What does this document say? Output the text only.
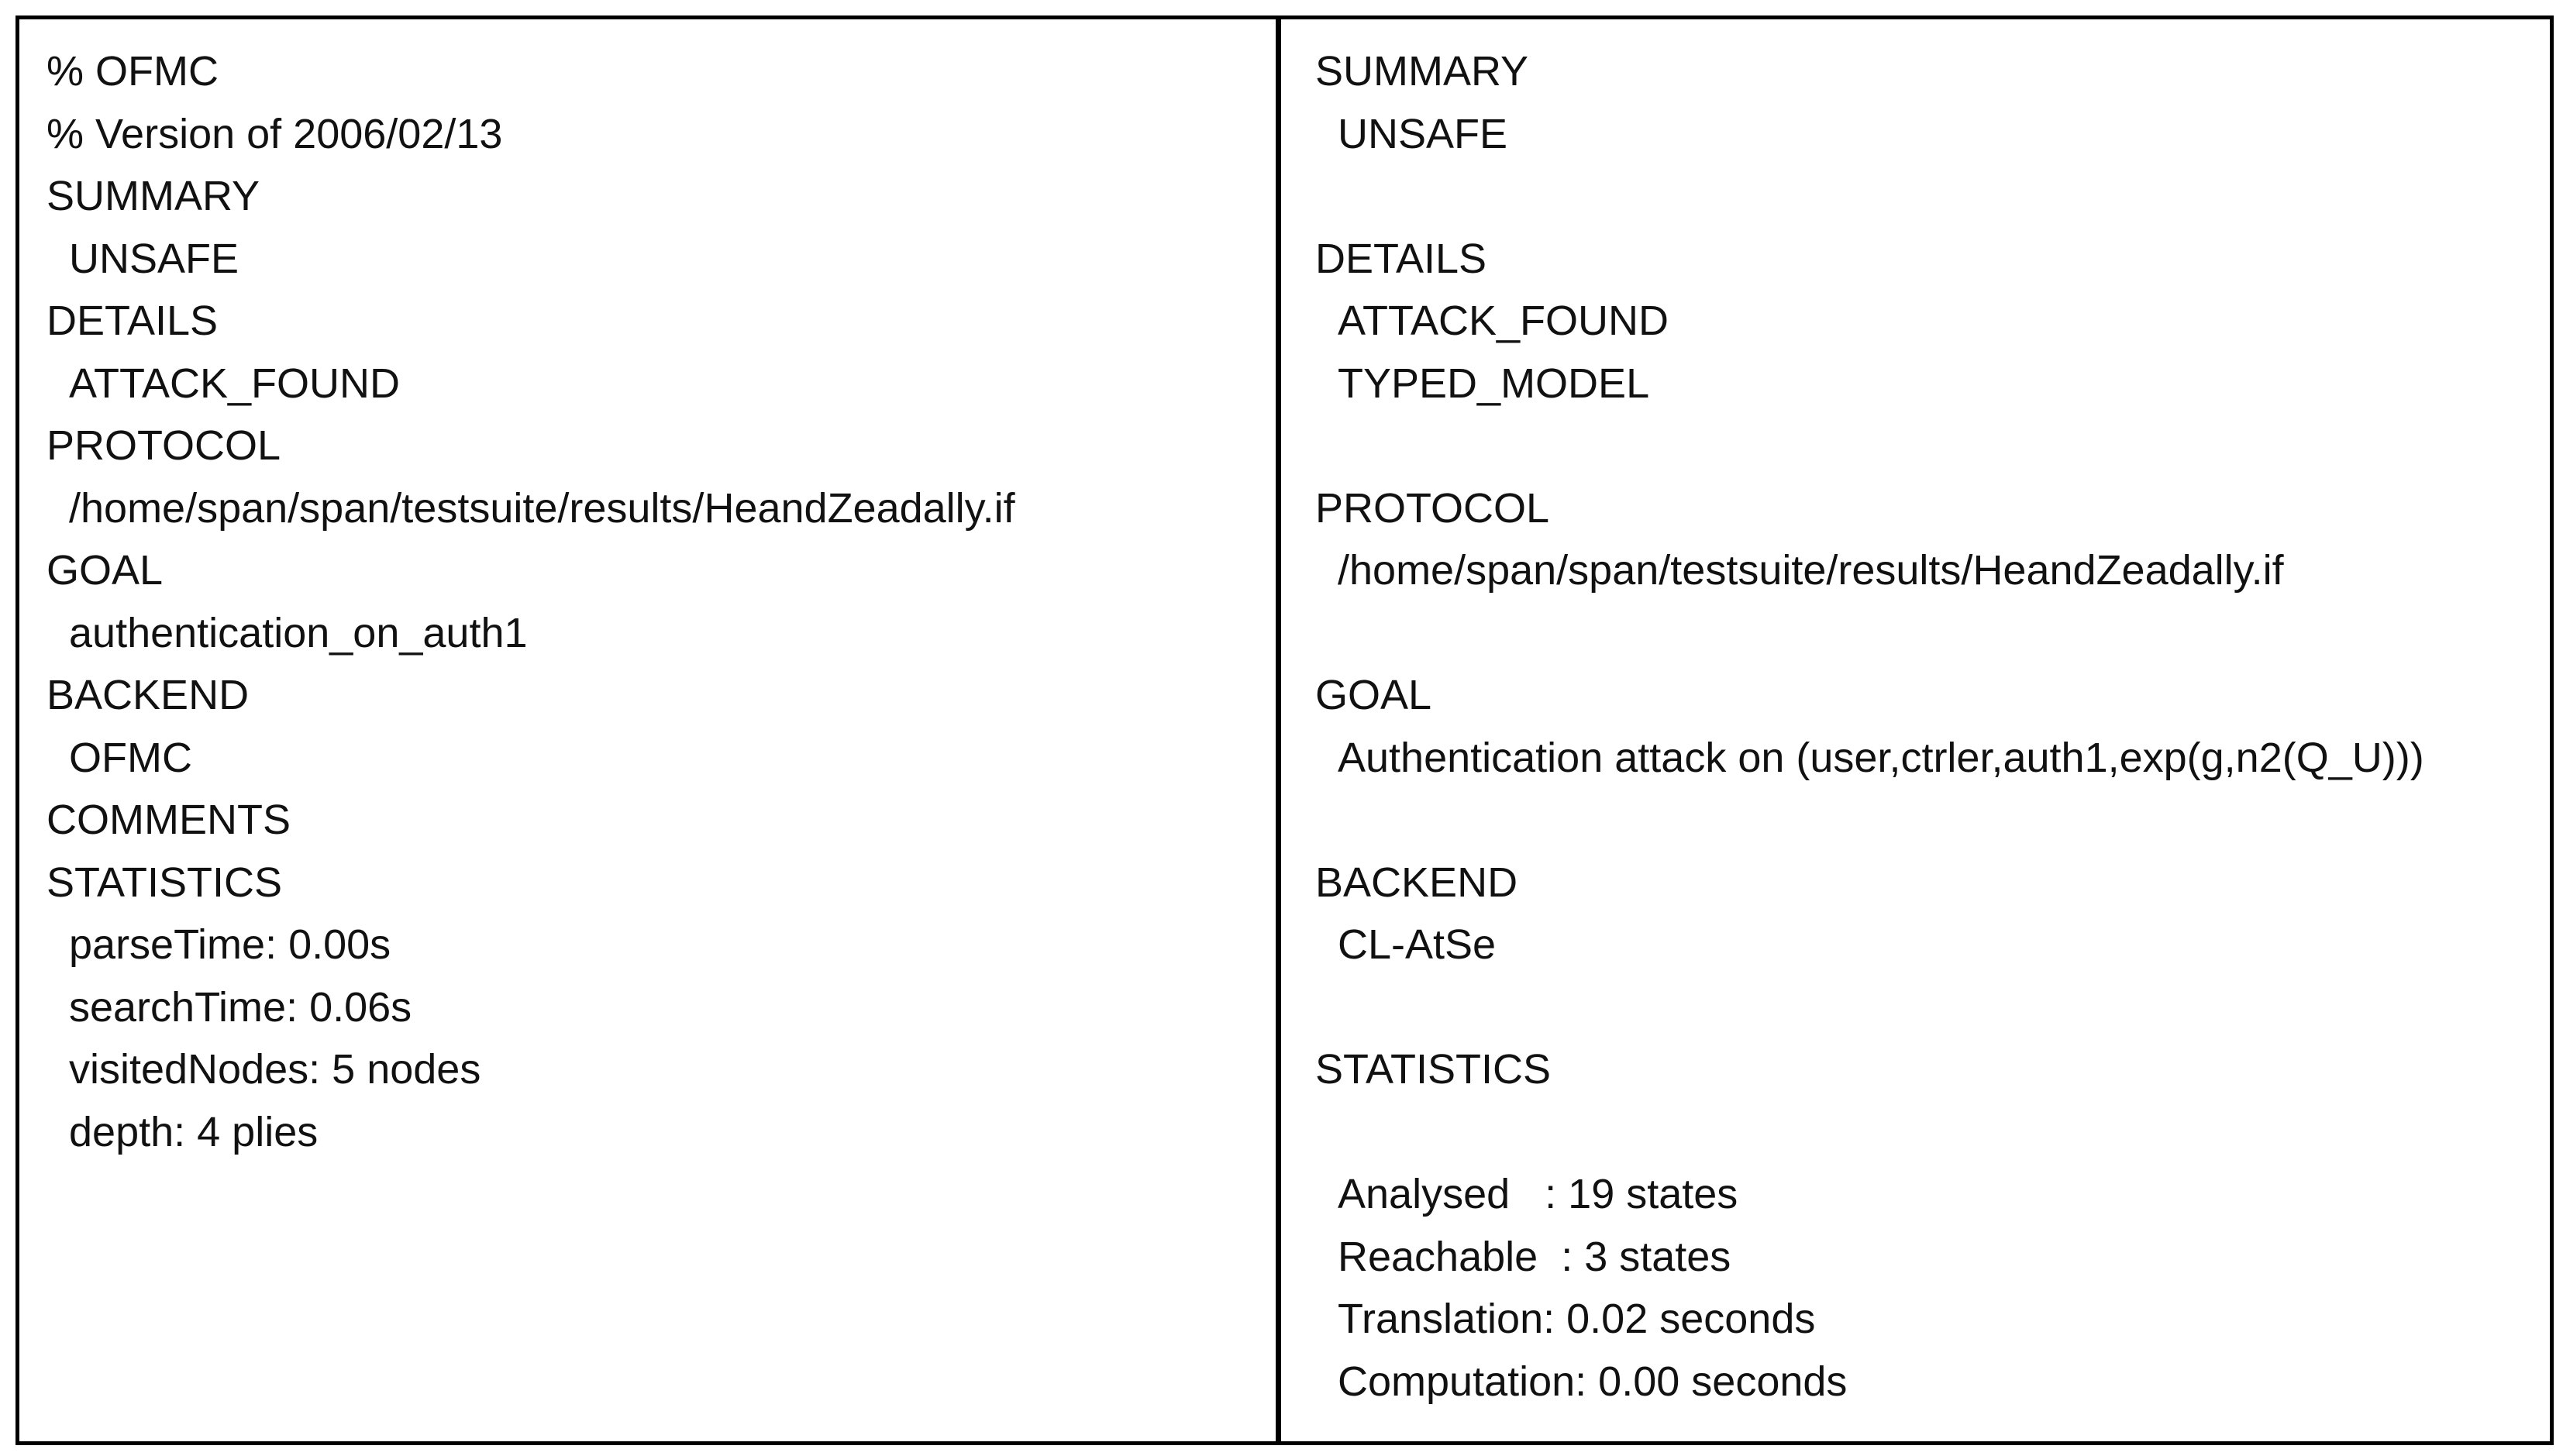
% OFMC
% Version of 2006/02/13
SUMMARY
UNSAFE
DETAILS
ATTACK_FOUND
PROTOCOL
/home/span/span/testsuite/results/HeandZeadally.if
GOAL
authentication_on_auth1
BACKEND
OFMC
COMMENTS
STATISTICS
parseTime: 0.00s
searchTime: 0.06s
visitedNodes: 5 nodes
depth: 4 plies
SUMMARY
UNSAFE
DETAILS
ATTACK_FOUND
TYPED_MODEL
PROTOCOL
/home/span/span/testsuite/results/HeandZeadally.if
GOAL
Authentication attack on (user,ctrler,auth1,exp(g,n2(Q_U)))
BACKEND
CL-AtSe
STATISTICS
Analysed   : 19 states
Reachable  : 3 states
Translation: 0.02 seconds
Computation: 0.00 seconds
